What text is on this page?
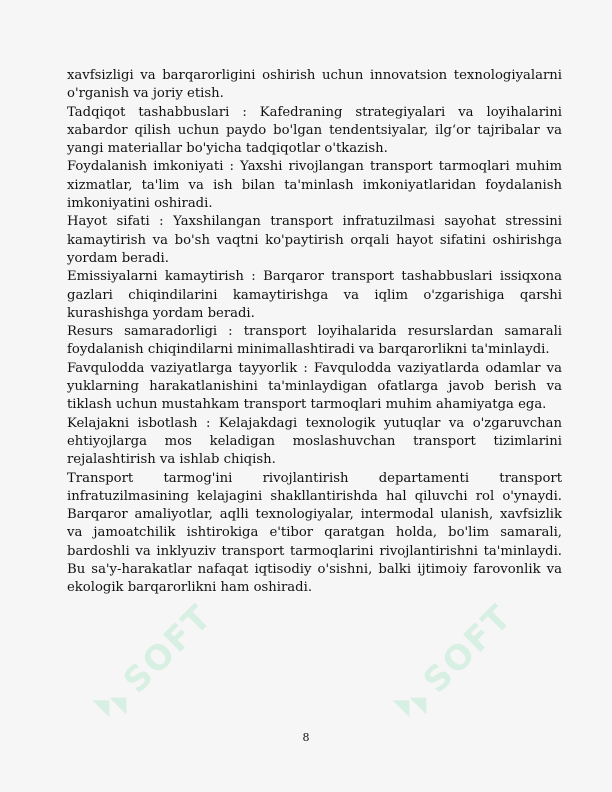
SOFT	SOFT

xavfsizligi va barqarorligini oshirish uchun innovatsion texnologiyalarni o'rganish va joriy etish.

Tadqiqot tashabbuslari : Kafedraning strategiyalari va loyihalarini xabardor qilish uchun paydo bo'lgan tendentsiyalar, ilg‘or tajribalar va yangi materiallar bo'yicha tadqiqotlar o'tkazish.

Foydalanish imkoniyati : Yaxshi rivojlangan transport tarmoqlari muhim xizmatlar, ta'lim va ish bilan ta'minlash imkoniyatlaridan foydalanish imkoniyatini oshiradi.

Hayot sifati : Yaxshilangan transport infratuzilmasi sayohat stressini kamaytirish va bo'sh vaqtni ko'paytirish orqali hayot sifatini oshirishga yordam beradi.

Emissiyalarni kamaytirish : Barqaror transport tashabbuslari issiqxona gazlari chiqindilarini kamaytirishga va iqlim o'zgarishiga qarshi kurashishga yordam beradi.

Resurs samaradorligi : transport loyihalarida resurslardan samarali foydalanish chiqindilarni minimallashtiradi va barqarorlikni ta'minlaydi.

Favqulodda vaziyatlarga tayyorlik : Favqulodda vaziyatlarda odamlar va yuklarning harakatlanishini ta'minlaydigan ofatlarga javob berish va tiklash uchun mustahkam transport tarmoqlari muhim ahamiyatga ega.

Kelajakni isbotlash : Kelajakdagi texnologik yutuqlar va o'zgaruvchan ehtiyojlarga mos keladigan moslashuvchan transport tizimlarini rejalashtirish va ishlab chiqish.

Transport tarmog'ini rivojlantirish departamenti transport infratuzilmasining kelajagini shakllantirishda hal qiluvchi rol o'ynaydi. Barqaror amaliyotlar, aqlli texnologiyalar, intermodal ulanish, xavfsizlik va jamoatchilik ishtirokiga e'tibor qaratgan holda, bo'lim samarali, bardoshli va inklyuziv transport tarmoqlarini rivojlantirishni ta'minlaydi. Bu sa'y-harakatlar nafaqat iqtisodiy o'sishni, balki ijtimoiy farovonlik va ekologik barqarorlikni ham oshiradi.

8
